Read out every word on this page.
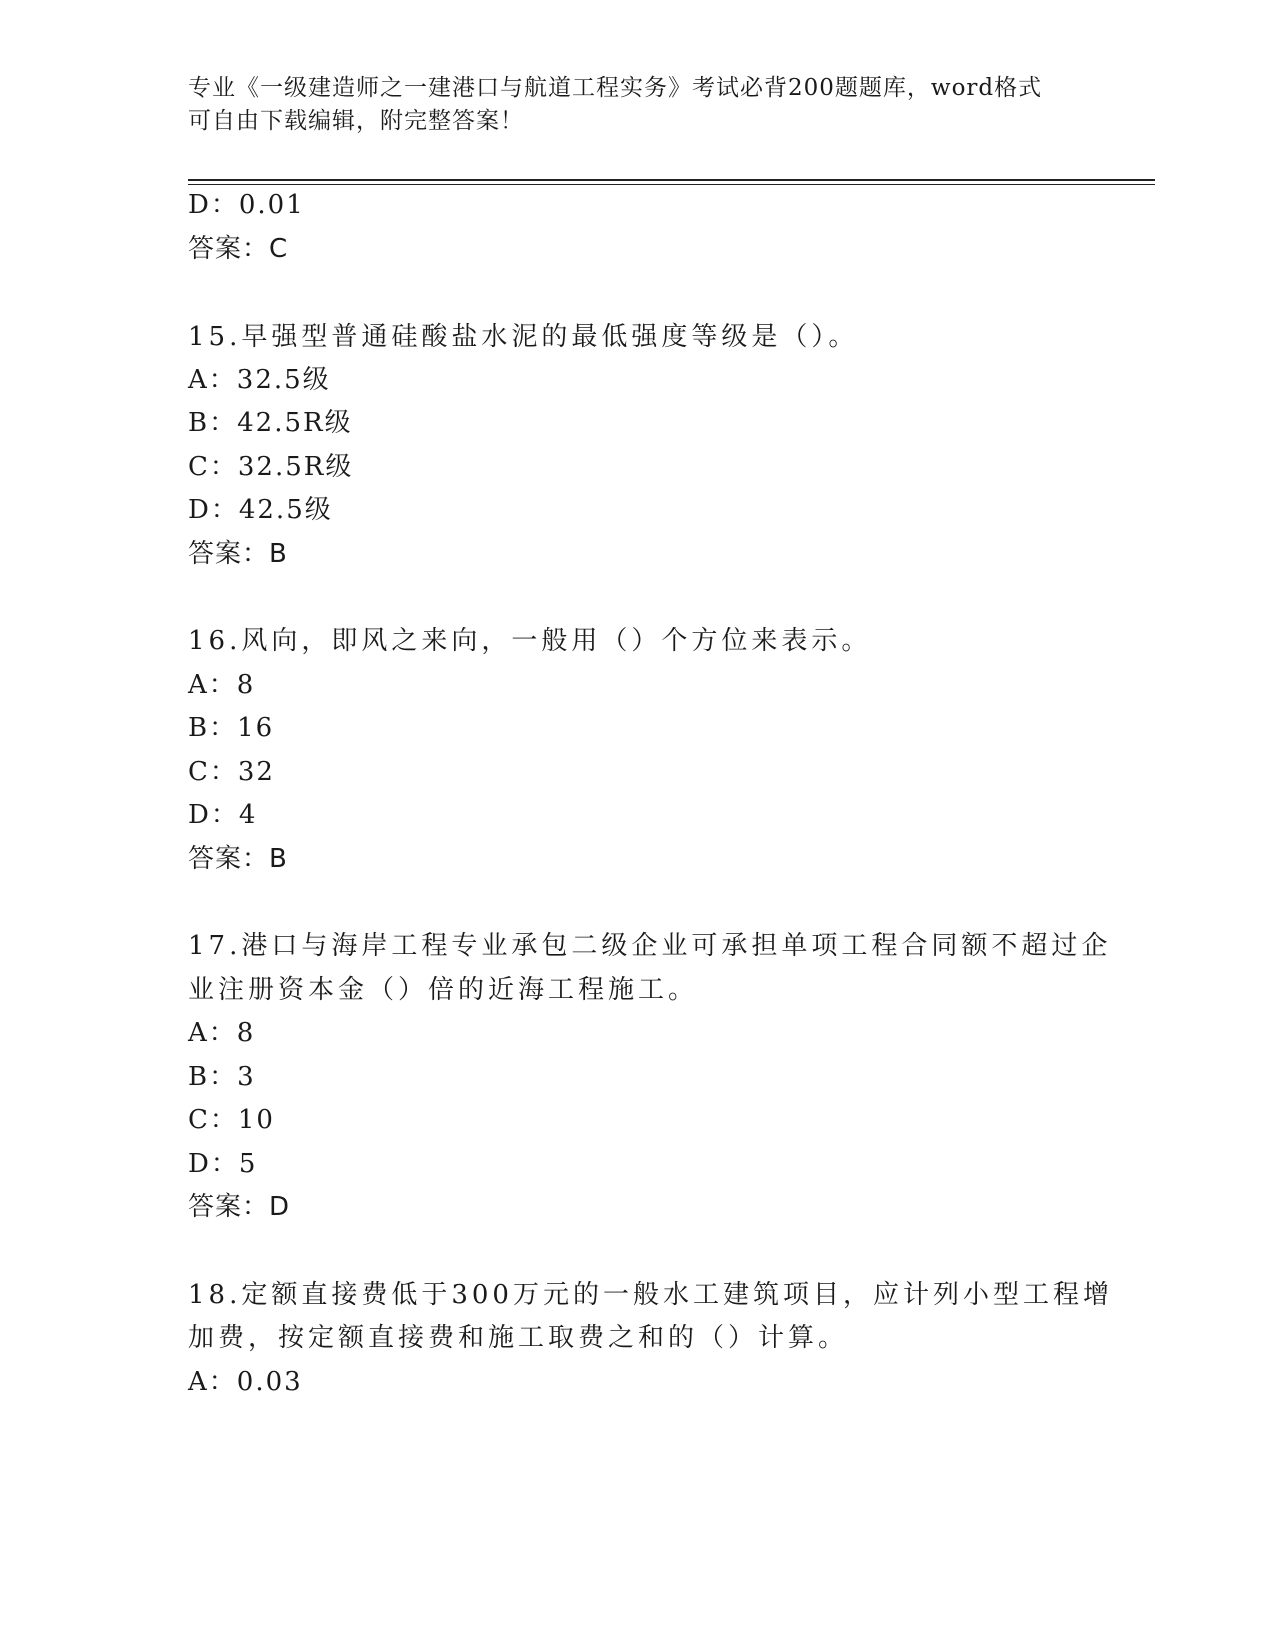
专业《一级建造师之一建港口与航道工程实务》考试必背200题题库，word格式
可自由下载编辑，附完整答案！
D：0.01
答案：C
15.早强型普通硅酸盐水泥的最低强度等级是（）。
A：32.5级
B：42.5R级
C：32.5R级
D：42.5级
答案：B
16.风向，即风之来向，一般用（）个方位来表示。
A：8
B：16
C：32
D：4
答案：B
17.港口与海岸工程专业承包二级企业可承担单项工程合同额不超过企
业注册资本金（）倍的近海工程施工。
A：8
B：3
C：10
D：5
答案：D
18.定额直接费低于300万元的一般水工建筑项目，应计列小型工程增
加费，按定额直接费和施工取费之和的（）计算。
A：0.03
